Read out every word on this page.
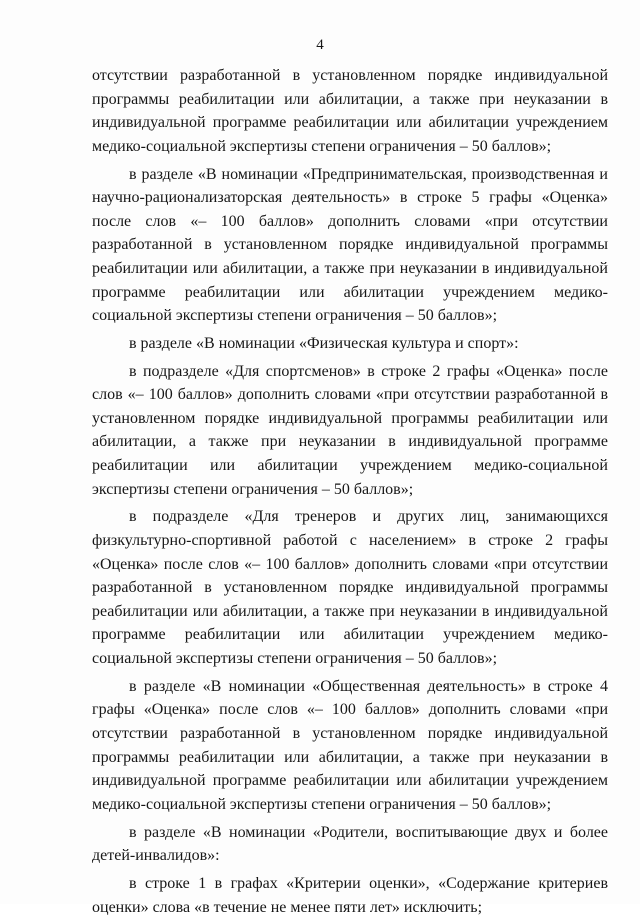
4

отсутствии разработанной в установленном порядке индивидуальной программы реабилитации или абилитации, а также при неуказании в индивидуальной программе реабилитации или абилитации учреждением медико-социальной экспертизы степени ограничения – 50 баллов»;

в разделе «В номинации «Предпринимательская, производственная и научно-рационализаторская деятельность» в строке 5 графы «Оценка» после слов «– 100 баллов» дополнить словами «при отсутствии разработанной в установленном порядке индивидуальной программы реабилитации или абилитации, а также при неуказании в индивидуальной программе реабилитации или абилитации учреждением медико-социальной экспертизы степени ограничения – 50 баллов»;

в разделе «В номинации «Физическая культура и спорт»:

в подразделе «Для спортсменов» в строке 2 графы «Оценка» после слов «– 100 баллов» дополнить словами «при отсутствии разработанной в установленном порядке индивидуальной программы реабилитации или абилитации, а также при неуказании в индивидуальной программе реабилитации или абилитации учреждением медико-социальной экспертизы степени ограничения – 50 баллов»;

в подразделе «Для тренеров и других лиц, занимающихся физкультурно-спортивной работой с населением» в строке 2 графы «Оценка» после слов «– 100 баллов» дополнить словами «при отсутствии разработанной в установленном порядке индивидуальной программы реабилитации или абилитации, а также при неуказании в индивидуальной программе реабилитации или абилитации учреждением медико-социальной экспертизы степени ограничения – 50 баллов»;

в разделе «В номинации «Общественная деятельность» в строке 4 графы «Оценка» после слов «– 100 баллов» дополнить словами «при отсутствии разработанной в установленном порядке индивидуальной программы реабилитации или абилитации, а также при неуказании в индивидуальной программе реабилитации или абилитации учреждением медико-социальной экспертизы степени ограничения – 50 баллов»;

в разделе «В номинации «Родители, воспитывающие двух и более детей-инвалидов»:

в строке 1 в графах «Критерии оценки», «Содержание критериев оценки» слова «в течение не менее пяти лет» исключить;
